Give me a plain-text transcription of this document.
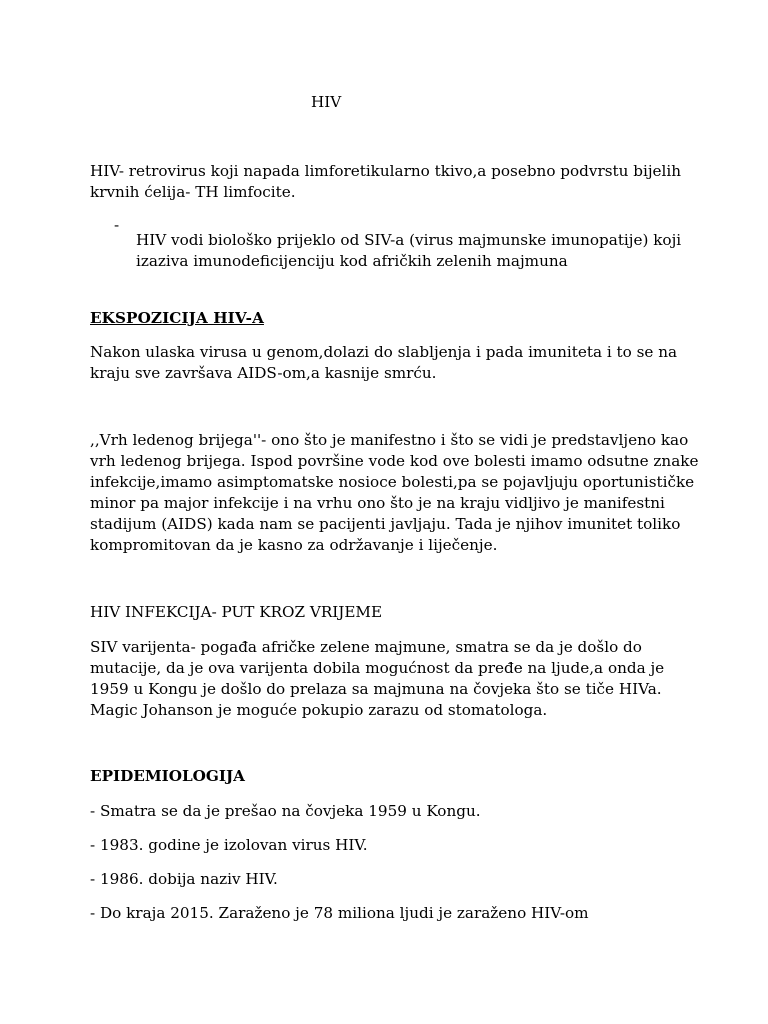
HIV

HIV- retrovirus koji napada limforetikularno tkivo,a posebno podvrstu bijelih

krvnih ćelija- TH limfocite.

-

HIV vodi biološko prijeklo od SIV-a (virus majmunske imunopatije) koji

izaziva imunodeficijenciju kod afričkih zelenih majmuna

EKSPOZICIJA HIV-A

Nakon ulaska virusa u genom,dolazi do slabljenja i pada imuniteta i to se na

kraju sve završava AIDS-om,a kasnije smrću.

,,Vrh ledenog brijega''- ono što je manifestno i što se vidi je predstavljeno kao

vrh ledenog brijega. Ispod površine vode kod ove bolesti imamo odsutne znake

infekcije,imamo asimptomatske nosioce bolesti,pa se pojavljuju oportunističke

minor pa major infekcije i na vrhu ono što je na kraju vidljivo je manifestni

stadijum (AIDS) kada nam se pacijenti javljaju. Tada je njihov imunitet toliko

kompromitovan da je kasno za održavanje i liječenje.

HIV INFEKCIJA- PUT KROZ VRIJEME

SIV varijenta- pogađa afričke zelene majmune, smatra se da je došlo do

mutacije, da je ova varijenta dobila mogućnost da pređe na ljude,a onda je

1959 u Kongu je došlo do prelaza sa majmuna na čovjeka što se tiče HIVa.

Magic Johanson je moguće pokupio zarazu od stomatologa.

EPIDEMIOLOGIJA

- Smatra se da je prešao na čovjeka 1959 u Kongu.

- 1983. godine je izolovan virus HIV.

- 1986. dobija naziv HIV.

- Do kraja 2015. Zaraženo je 78 miliona ljudi je zaraženo HIV-om
